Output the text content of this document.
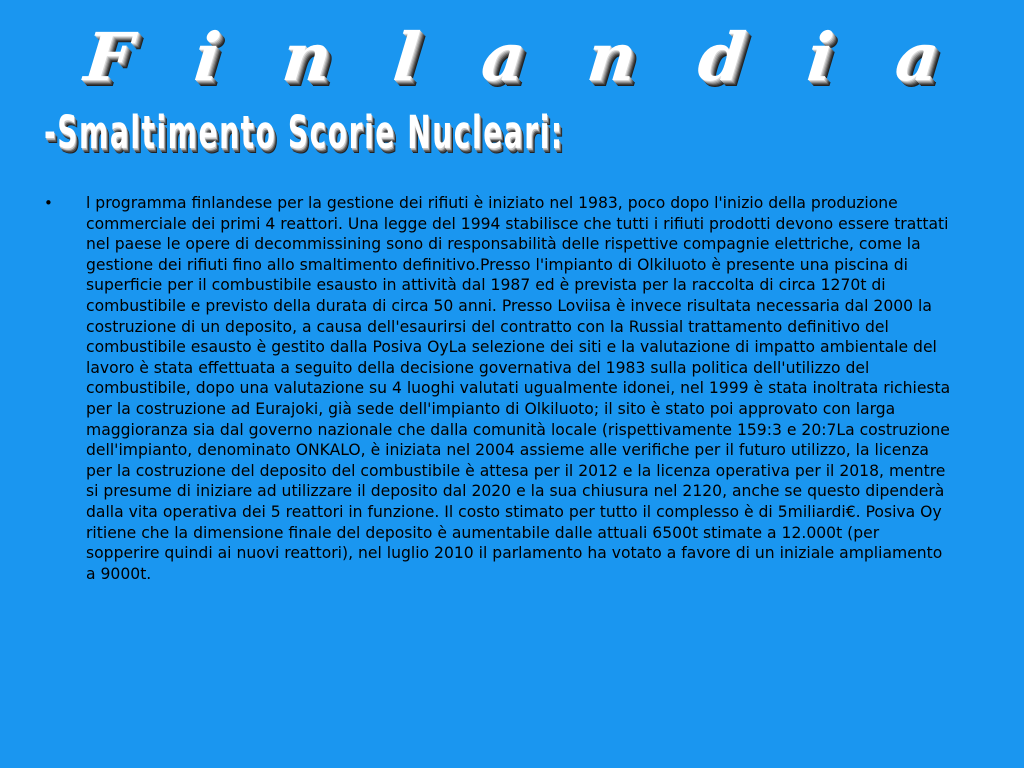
F i n l a n d i a
-Smaltimento Scorie Nucleari:
•	l programma finlandese per la gestione dei rifiuti è iniziato nel 1983, poco dopo l'inizio della produzione commerciale dei primi 4 reattori. Una legge del 1994 stabilisce che tutti i rifiuti prodotti devono essere trattati nel paese le opere di decommissining sono di responsabilità delle rispettive compagnie elettriche, come la gestione dei rifiuti fino allo smaltimento definitivo.Presso l'impianto di Olkiluoto è presente una piscina di superficie per il combustibile esausto in attività dal 1987 ed è prevista per la raccolta di circa 1270t di combustibile e previsto della durata di circa 50 anni. Presso Loviisa è invece risultata necessaria dal 2000 la costruzione di un deposito, a causa dell'esaurirsi del contratto con la Russial trattamento definitivo del combustibile esausto è gestito dalla Posiva OyLa selezione dei siti e la valutazione di impatto ambientale del lavoro è stata effettuata a seguito della decisione governativa del 1983 sulla politica dell'utilizzo del combustibile, dopo una valutazione su 4 luoghi valutati ugualmente idonei, nel 1999 è stata inoltrata richiesta per la costruzione ad Eurajoki, già sede dell'impianto di Olkiluoto; il sito è stato poi approvato con larga maggioranza sia dal governo nazionale che dalla comunità locale (rispettivamente 159:3 e 20:7La costruzione dell'impianto, denominato ONKALO, è iniziata nel 2004 assieme alle verifiche per il futuro utilizzo, la licenza per la costruzione del deposito del combustibile è attesa per il 2012 e la licenza operativa per il 2018, mentre si presume di iniziare ad utilizzare il deposito dal 2020 e la sua chiusura nel 2120, anche se questo dipenderà dalla vita operativa dei 5 reattori in funzione. Il costo stimato per tutto il complesso è di 5miliardi€. Posiva Oy ritiene che la dimensione finale del deposito è aumentabile dalle attuali 6500t stimate a 12.000t (per sopperire quindi ai nuovi reattori), nel luglio 2010 il parlamento ha votato a favore di un iniziale ampliamento a 9000t.
